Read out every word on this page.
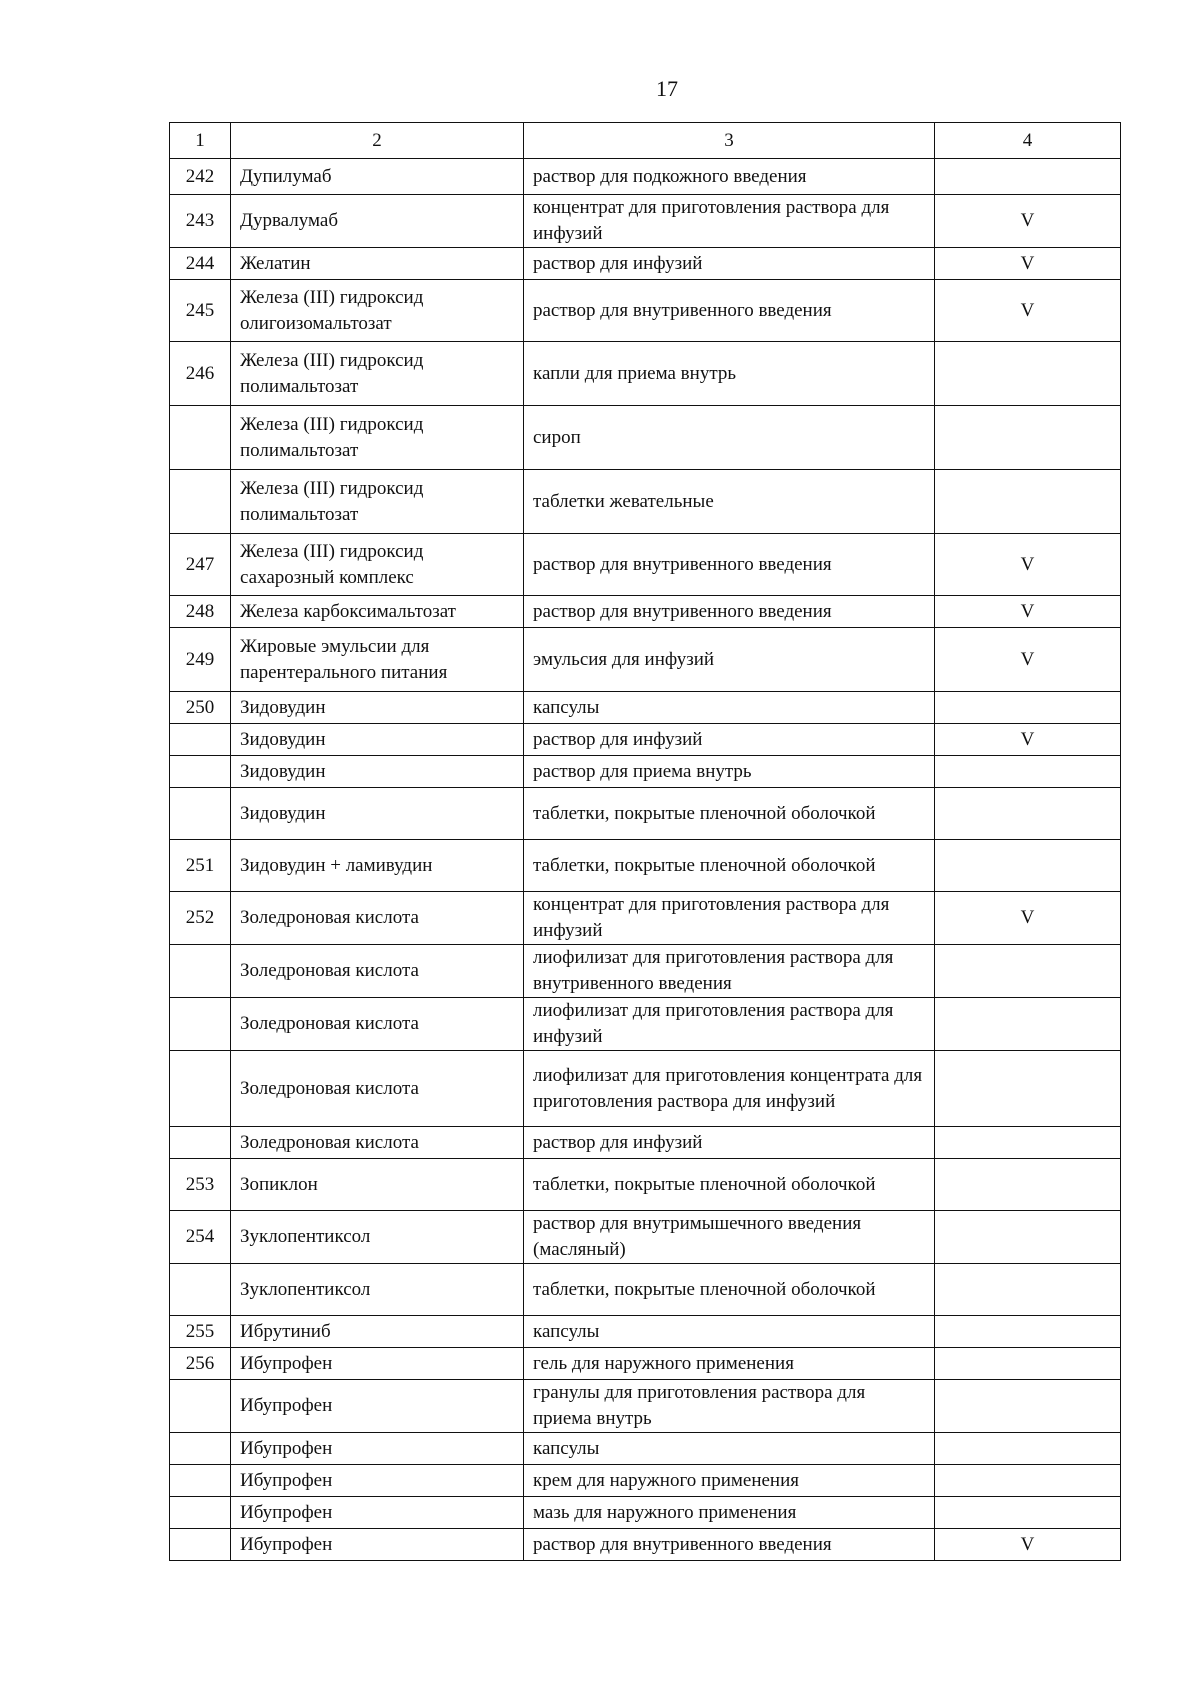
17
1	2	3	4
242	Дупилумаб	раствор для подкожного введения	
243	Дурвалумаб	концентрат для приготовления раствора для инфузий	V
244	Желатин	раствор для инфузий	V
245	Железа (III) гидроксид олигоизомальтозат	раствор для внутривенного введения	V
246	Железа (III) гидроксид полимальтозат	капли для приема внутрь	
	Железа (III) гидроксид полимальтозат	сироп	
	Железа (III) гидроксид полимальтозат	таблетки жевательные	
247	Железа (III) гидроксид сахарозный комплекс	раствор для внутривенного введения	V
248	Железа карбоксимальтозат	раствор для внутривенного введения	V
249	Жировые эмульсии для парентерального питания	эмульсия для инфузий	V
250	Зидовудин	капсулы	
	Зидовудин	раствор для инфузий	V
	Зидовудин	раствор для приема внутрь	
	Зидовудин	таблетки, покрытые пленочной оболочкой	
251	Зидовудин + ламивудин	таблетки, покрытые пленочной оболочкой	
252	Золедроновая кислота	концентрат для приготовления раствора для инфузий	V
	Золедроновая кислота	лиофилизат для приготовления раствора для внутривенного введения	
	Золедроновая кислота	лиофилизат для приготовления раствора для инфузий	
	Золедроновая кислота	лиофилизат для приготовления концентрата для приготовления раствора для инфузий	
	Золедроновая кислота	раствор для инфузий	
253	Зопиклон	таблетки, покрытые пленочной оболочкой	
254	Зуклопентиксол	раствор для внутримышечного введения (масляный)	
	Зуклопентиксол	таблетки, покрытые пленочной оболочкой	
255	Ибрутиниб	капсулы	
256	Ибупрофен	гель для наружного применения	
	Ибупрофен	гранулы для приготовления раствора для приема внутрь	
	Ибупрофен	капсулы	
	Ибупрофен	крем для наружного применения	
	Ибупрофен	мазь для наружного применения	
	Ибупрофен	раствор для внутривенного введения	V
